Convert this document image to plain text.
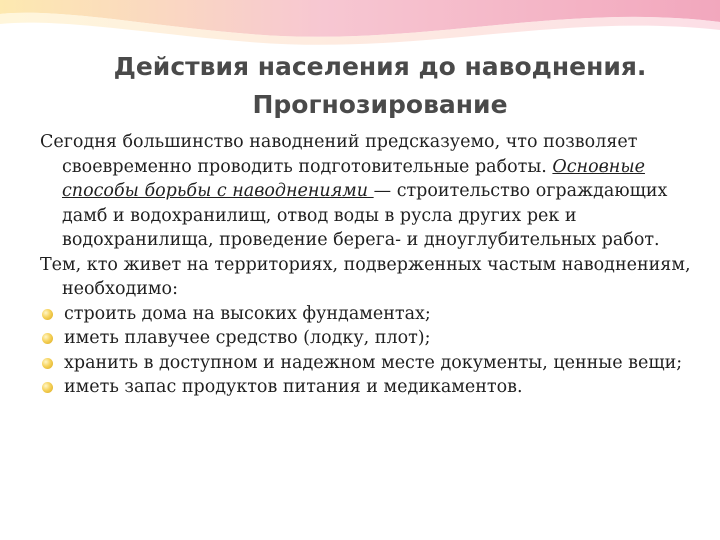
Действия населения до наводнения.
Прогнозирование
Сегодня большинство наводнений предсказуемо, что позволяет своевременно проводить подготовительные работы. Основные способы борьбы с наводнениями — строительство ограждающих дамб и водохранилищ, отвод воды в русла других рек и водохранилища, проведение берега- и дноуглубительных работ.
Тем, кто живет на территориях, подверженных частым наводнениям, необходимо:
строить дома на высоких фундаментах;
иметь плавучее средство (лодку, плот);
хранить в доступном и надежном месте документы, ценные вещи;
иметь запас продуктов питания и медикаментов.
